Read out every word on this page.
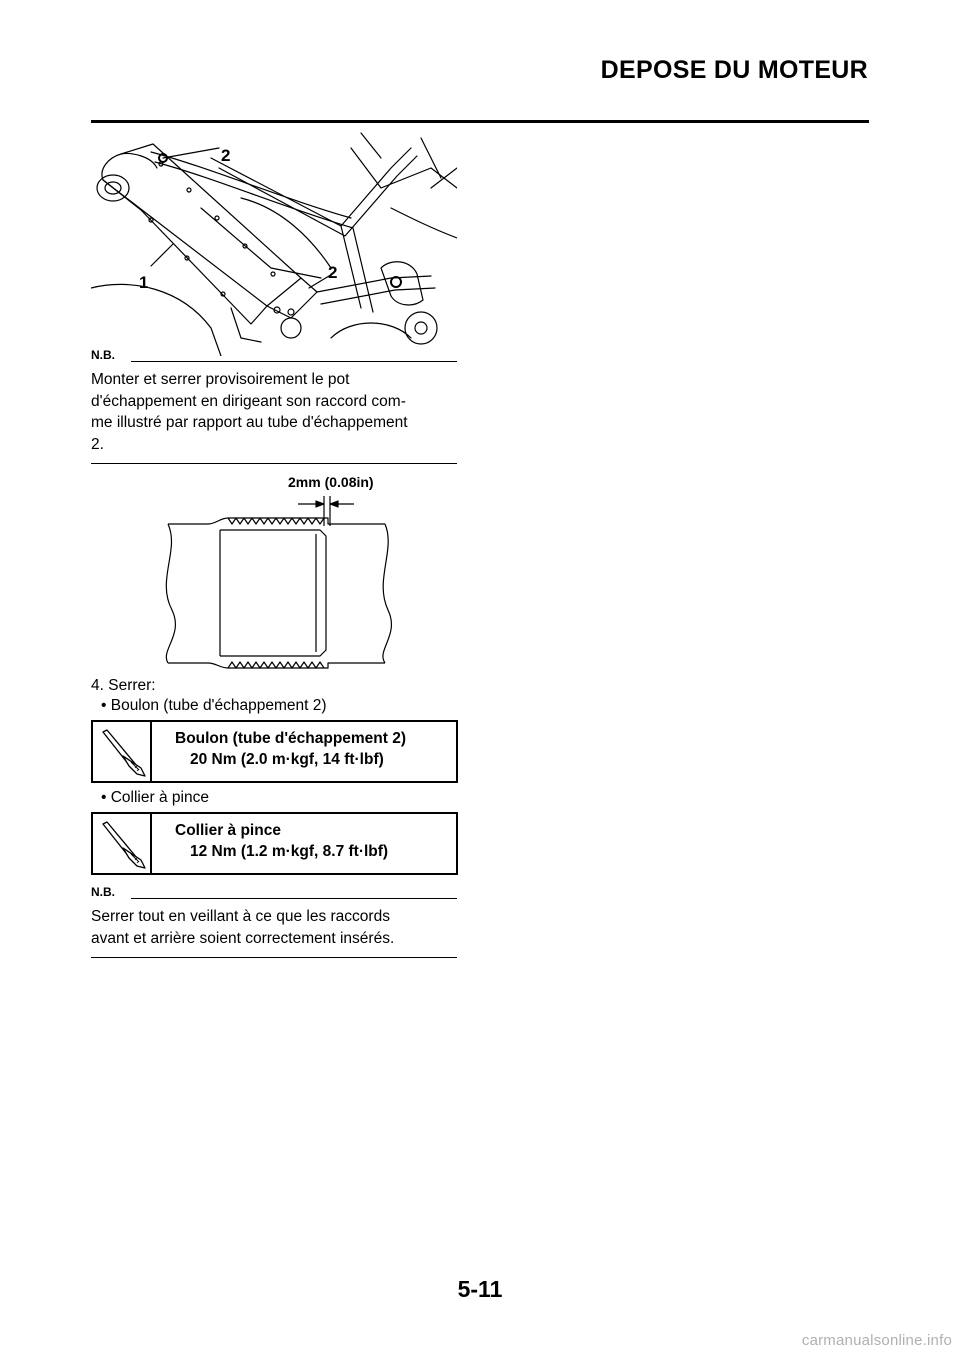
DEPOSE DU MOTEUR
2
1
2
N.B.
Monter et serrer provisoirement le pot
d'échappement en dirigeant son raccord com-
me illustré par rapport au tube d'échappement
2.
2mm (0.08in)
4. Serrer:
• Boulon (tube d'échappement 2)
Boulon (tube d'échappement 2)
20 Nm (2.0 m·kgf, 14 ft·lbf)
• Collier à pince
Collier à pince
12 Nm (1.2 m·kgf, 8.7 ft·lbf)
N.B.
Serrer tout en veillant à ce que les raccords
avant et arrière soient correctement insérés.
5-11
carmanualsonline.info
